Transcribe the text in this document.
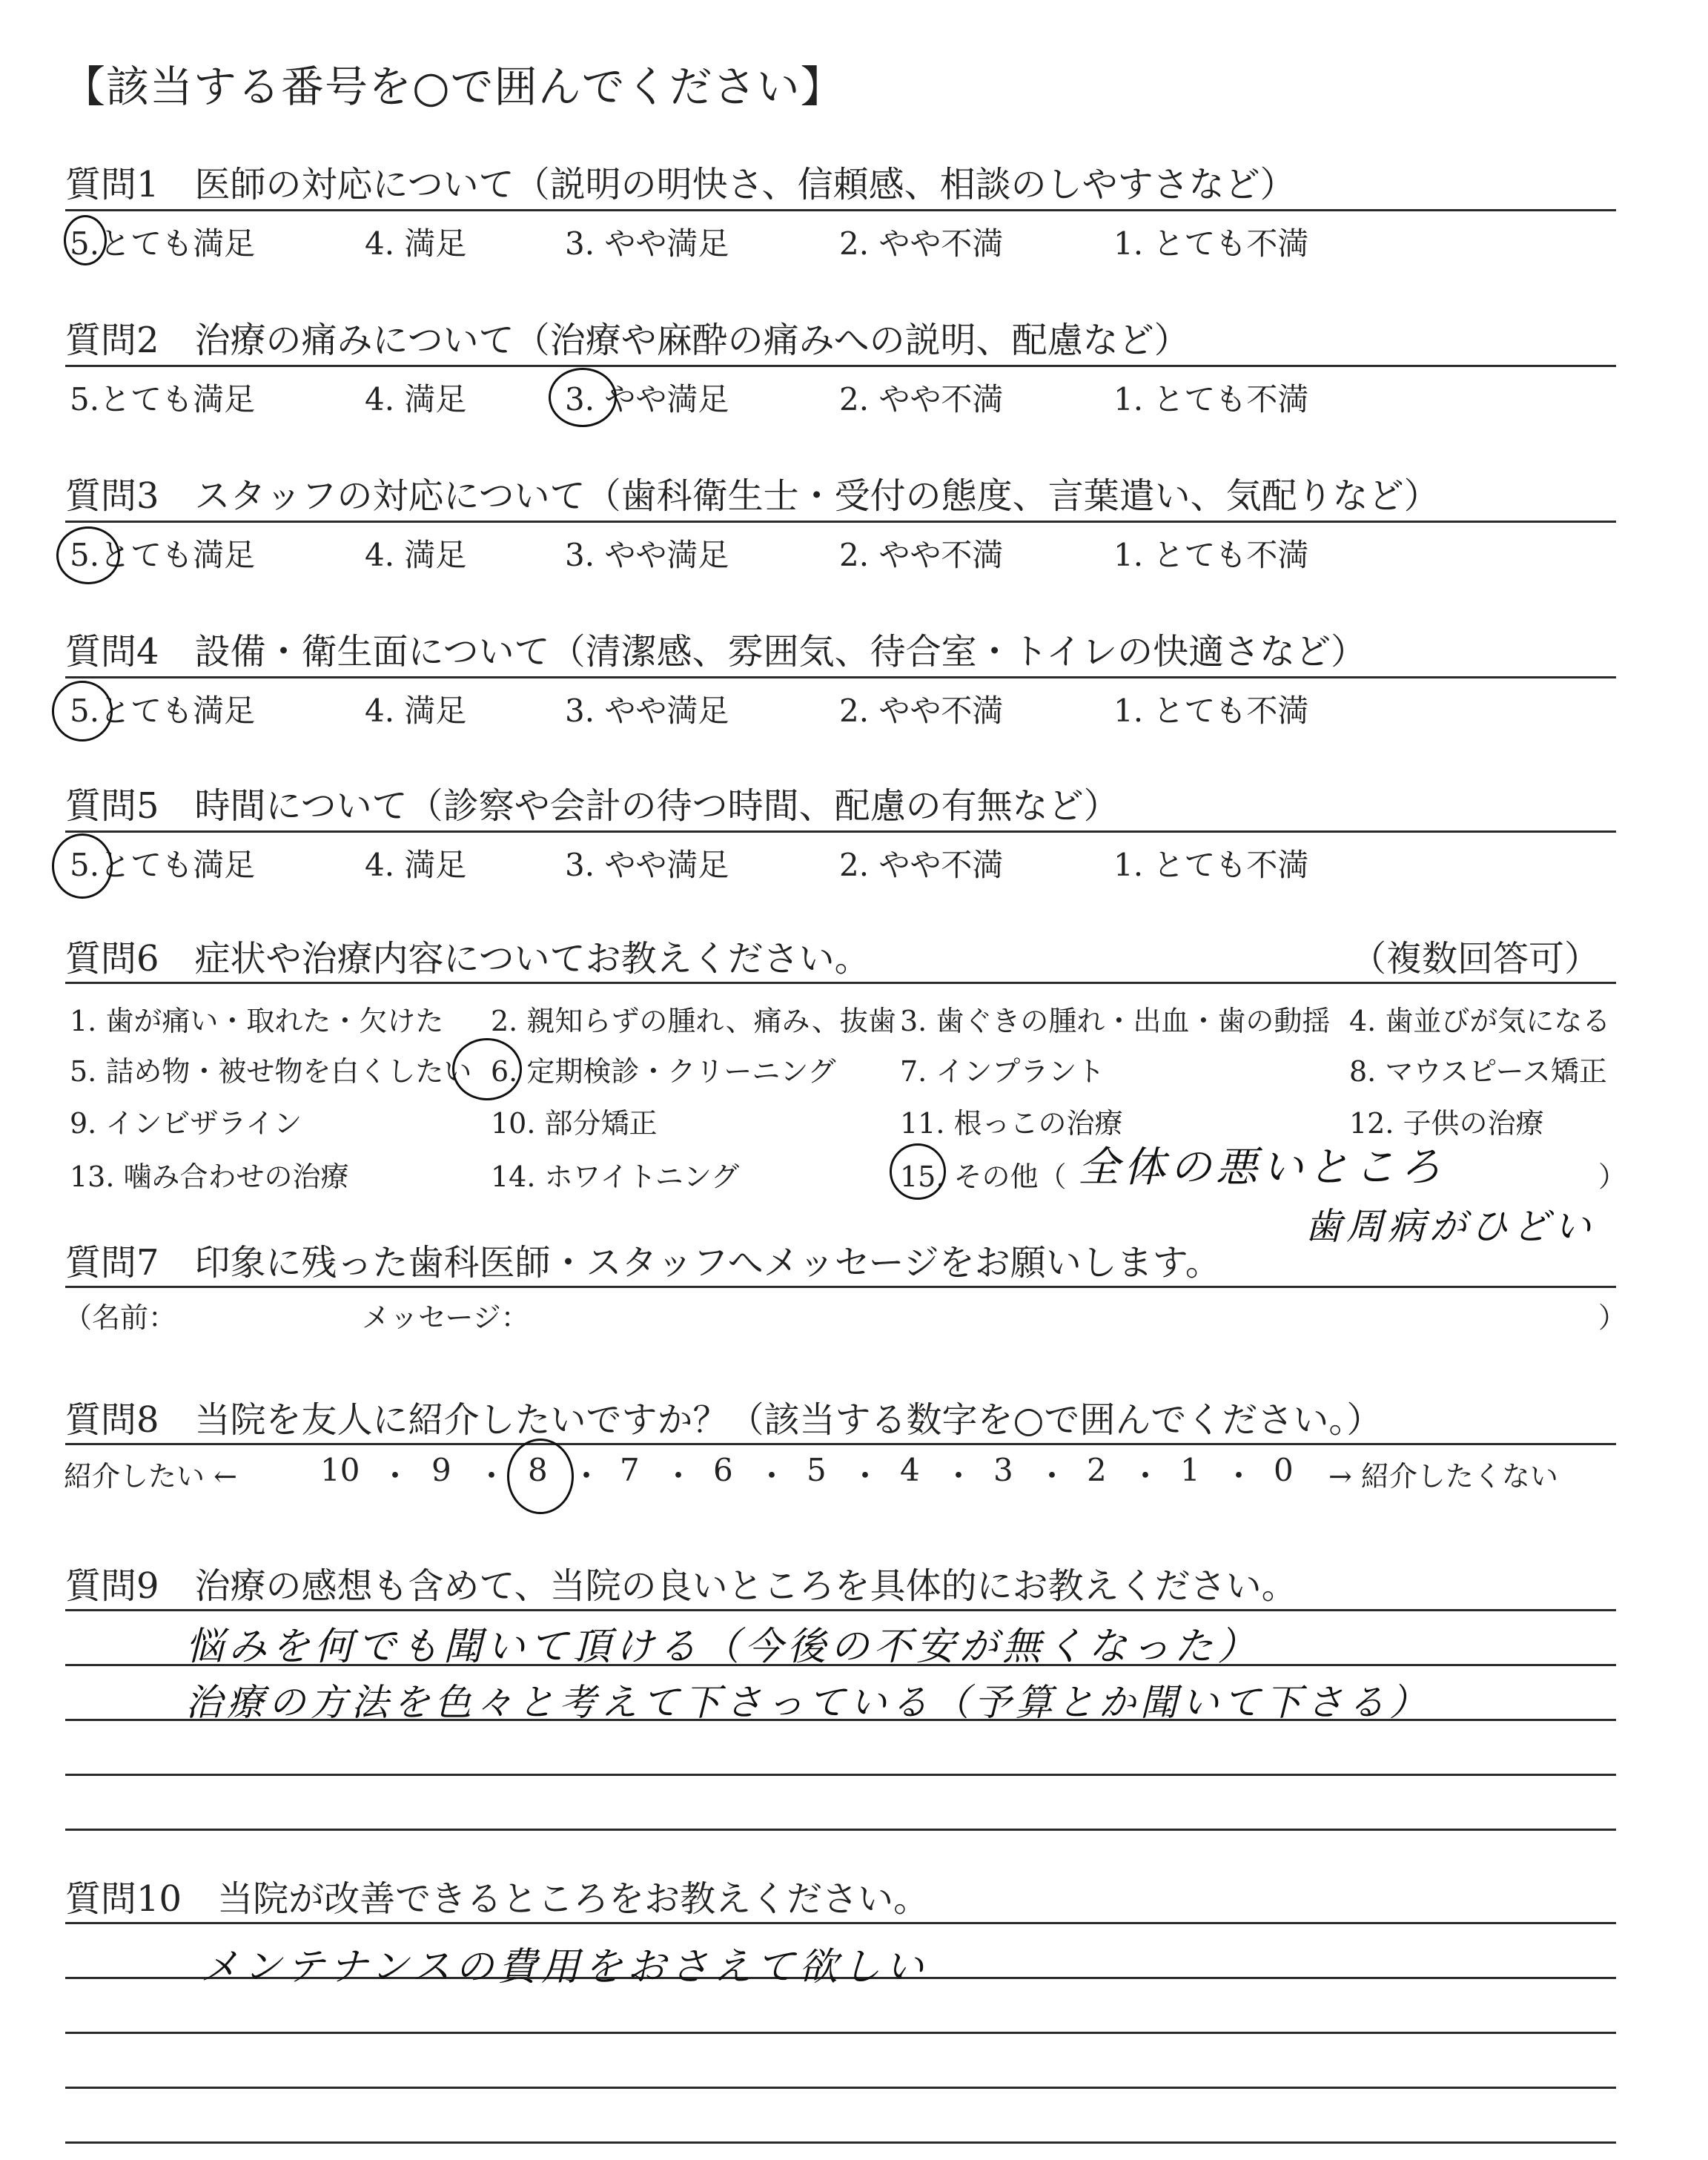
【該当する番号を○で囲んでください】
質問1　医師の対応について（説明の明快さ、信頼感、相談のしやすさなど）
5.とても満足	4. 満足	3. やや満足	2. やや不満	1. とても不満
質問2　治療の痛みについて（治療や麻酔の痛みへの説明、配慮など）
5.とても満足	4. 満足	3. やや満足	2. やや不満	1. とても不満
質問3　スタッフの対応について（歯科衛生士・受付の態度、言葉遣い、気配りなど）
5.とても満足	4. 満足	3. やや満足	2. やや不満	1. とても不満
質問4　設備・衛生面について（清潔感、雰囲気、待合室・トイレの快適さなど）
5.とても満足	4. 満足	3. やや満足	2. やや不満	1. とても不満
質問5　時間について（診察や会計の待つ時間、配慮の有無など）
5.とても満足	4. 満足	3. やや満足	2. やや不満	1. とても不満
質問6　症状や治療内容についてお教えください。	（複数回答可）
1. 歯が痛い・取れた・欠けた 2. 親知らずの腫れ、痛み、抜歯 3. 歯ぐきの腫れ・出血・歯の動揺 4. 歯並びが気になる
5. 詰め物・被せ物を白くしたい 6. 定期検診・クリーニング 7. インプラント	8. マウスピース矯正
9. インビザライン	10. 部分矯正	11. 根っこの治療	12. 子供の治療
13. 噛み合わせの治療	14. ホワイトニング	15. その他（	）
全体の悪いところ
歯周病がひどい
質問7　印象に残った歯科医師・スタッフへメッセージをお願いします。
（名前：	メッセージ：	）
質問8　当院を友人に紹介したいですか？（該当する数字を○で囲んでください。）
紹介したい ←	→ 紹介したくない
10 ・ 9 ・ 8 ・ 7 ・ 6 ・ 5 ・ 4 ・ 3 ・ 2 ・ 1 ・ 0
質問9　治療の感想も含めて、当院の良いところを具体的にお教えください。
悩みを何でも聞いて頂ける（今後の不安が無くなった）
治療の方法を色々と考えて下さっている（予算とか聞いて下さる）
質問10　当院が改善できるところをお教えください。
メンテナンスの費用をおさえて欲しい
